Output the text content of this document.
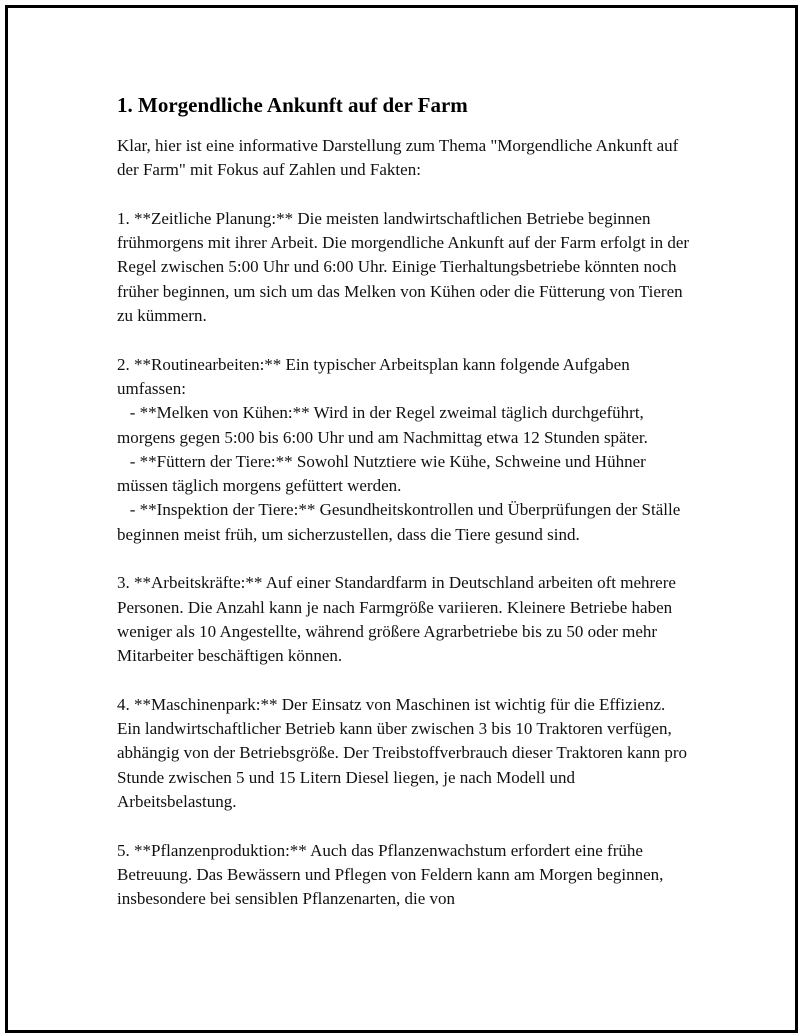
1. Morgendliche Ankunft auf der Farm

Klar, hier ist eine informative Darstellung zum Thema "Morgendliche Ankunft auf der Farm" mit Fokus auf Zahlen und Fakten:

1. **Zeitliche Planung:** Die meisten landwirtschaftlichen Betriebe beginnen frühmorgens mit ihrer Arbeit. Die morgendliche Ankunft auf der Farm erfolgt in der Regel zwischen 5:00 Uhr und 6:00 Uhr. Einige Tierhaltungsbetriebe könnten noch früher beginnen, um sich um das Melken von Kühen oder die Fütterung von Tieren zu kümmern.

2. **Routinearbeiten:** Ein typischer Arbeitsplan kann folgende Aufgaben umfassen:

- **Melken von Kühen:** Wird in der Regel zweimal täglich durchgeführt, morgens gegen 5:00 bis 6:00 Uhr und am Nachmittag etwa 12 Stunden später.

- **Füttern der Tiere:** Sowohl Nutztiere wie Kühe, Schweine und Hühner müssen täglich morgens gefüttert werden.

- **Inspektion der Tiere:** Gesundheitskontrollen und Überprüfungen der Ställe beginnen meist früh, um sicherzustellen, dass die Tiere gesund sind.

3. **Arbeitskräfte:** Auf einer Standardfarm in Deutschland arbeiten oft mehrere Personen. Die Anzahl kann je nach Farmgröße variieren. Kleinere Betriebe haben weniger als 10 Angestellte, während größere Agrarbetriebe bis zu 50 oder mehr Mitarbeiter beschäftigen können.

4. **Maschinenpark:** Der Einsatz von Maschinen ist wichtig für die Effizienz. Ein landwirtschaftlicher Betrieb kann über zwischen 3 bis 10 Traktoren verfügen, abhängig von der Betriebsgröße. Der Treibstoffverbrauch dieser Traktoren kann pro Stunde zwischen 5 und 15 Litern Diesel liegen, je nach Modell und Arbeitsbelastung.

5. **Pflanzenproduktion:** Auch das Pflanzenwachstum erfordert eine frühe Betreuung. Das Bewässern und Pflegen von Feldern kann am Morgen beginnen, insbesondere bei sensiblen Pflanzenarten, die von
